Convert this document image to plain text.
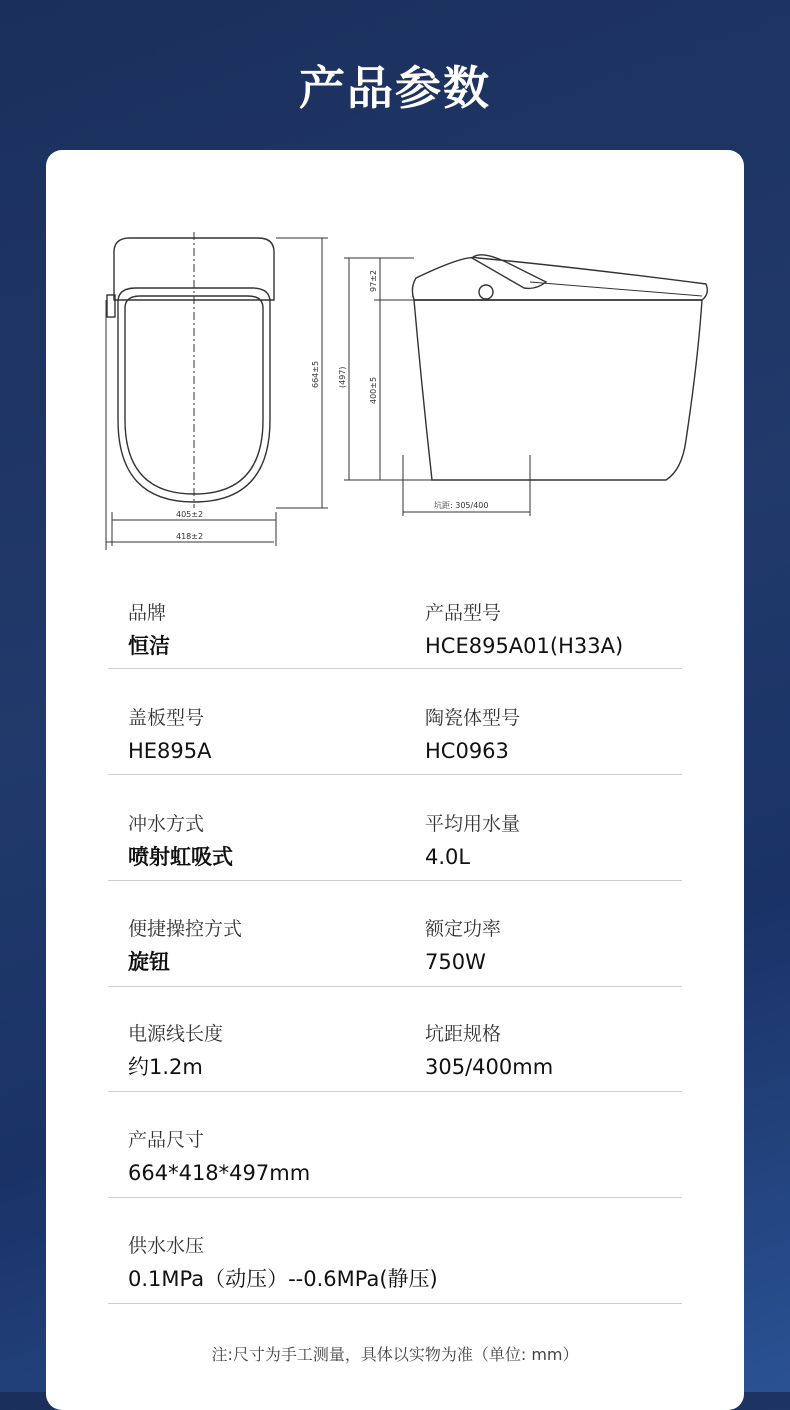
产品参数
664±5 (497)
97±2
400±5
405±2
418±2
坑距: 305/400
品牌
恒洁
产品型号
HCE895A01(H33A)
盖板型号
HE895A
陶瓷体型号
HC0963
冲水方式
喷射虹吸式
平均用水量
4.0L
便捷操控方式
旋钮
额定功率
750W
电源线长度
约1.2m
坑距规格
305/400mm
产品尺寸
664*418*497mm
供水水压
0.1MPa（动压）--0.6MPa(静压)
注:尺寸为手工测量，具体以实物为准（单位: mm）
